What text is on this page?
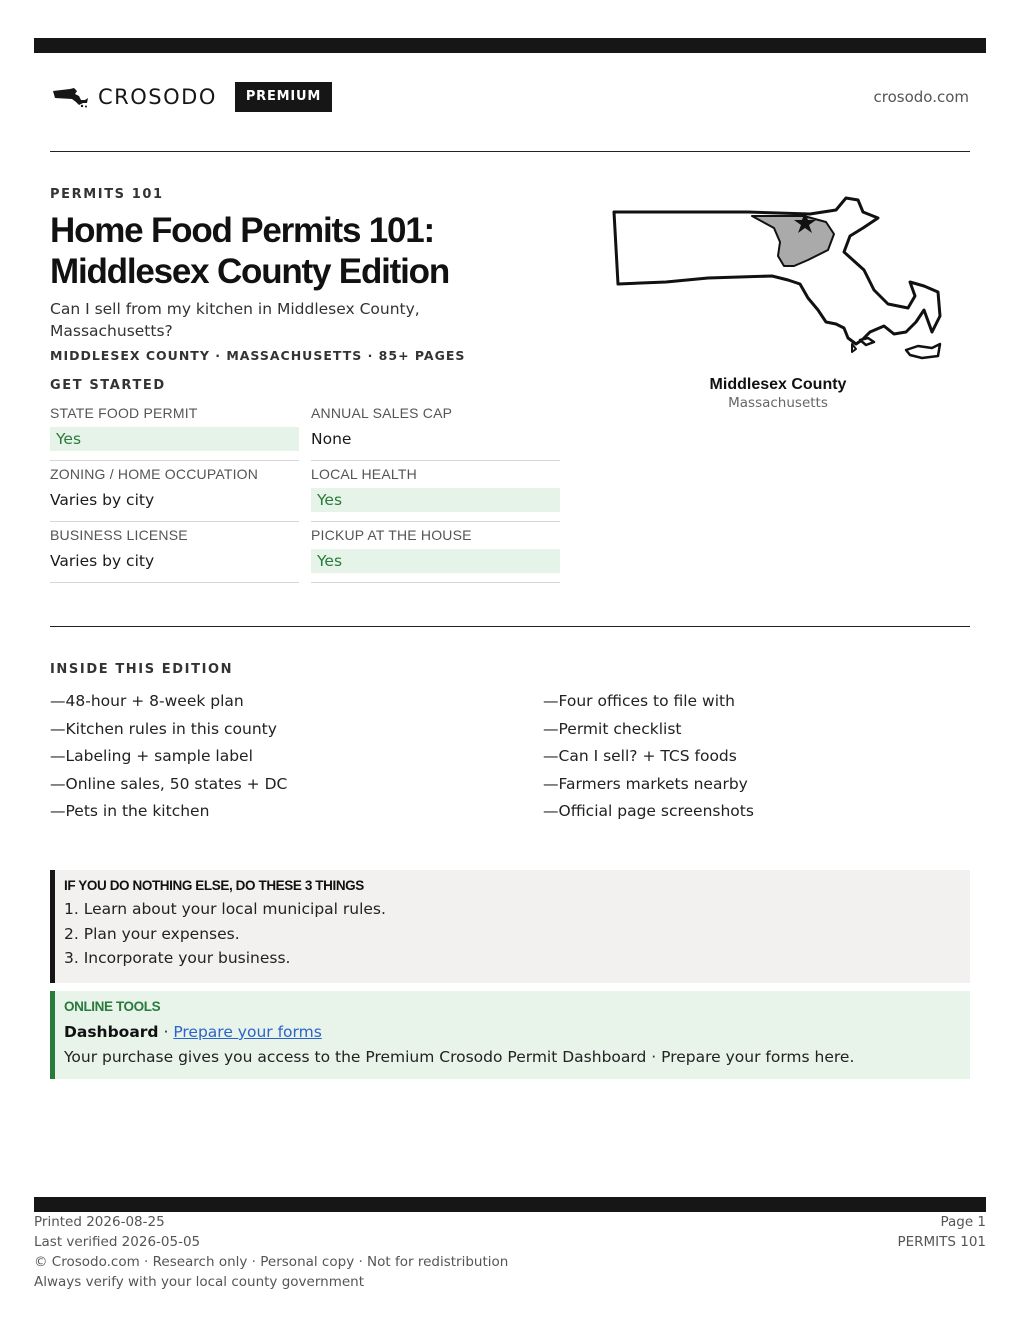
CROSODO	PREMIUM	crosodo.com
PERMITS 101
Home Food Permits 101:
Middlesex County Edition

Can I sell from my kitchen in Middlesex County, Massachusetts?

MIDDLESEX COUNTY · MASSACHUSETTS · 85+ PAGES
GET STARTED
STATE FOOD PERMIT
Yes
ANNUAL SALES CAP
None
ZONING / HOME OCCUPATION
Varies by city
LOCAL HEALTH
Yes
BUSINESS LICENSE
Varies by city
PICKUP AT THE HOUSE
Yes
Middlesex County
Massachusetts
INSIDE THIS EDITION
—48-hour + 8-week plan
—Kitchen rules in this county
—Labeling + sample label
—Online sales, 50 states + DC
—Pets in the kitchen
—Four offices to file with
—Permit checklist
—Can I sell? + TCS foods
—Farmers markets nearby
—Official page screenshots
IF YOU DO NOTHING ELSE, DO THESE 3 THINGS
1. Learn about your local municipal rules.
2. Plan your expenses.
3. Incorporate your business.
ONLINE TOOLS
Dashboard · Prepare your forms
Your purchase gives you access to the Premium Crosodo Permit Dashboard · Prepare your forms here.
Printed 2026-08-25
Last verified 2026-05-05
© Crosodo.com · Research only · Personal copy · Not for redistribution
Always verify with your local county government
Page 1
PERMITS 101
